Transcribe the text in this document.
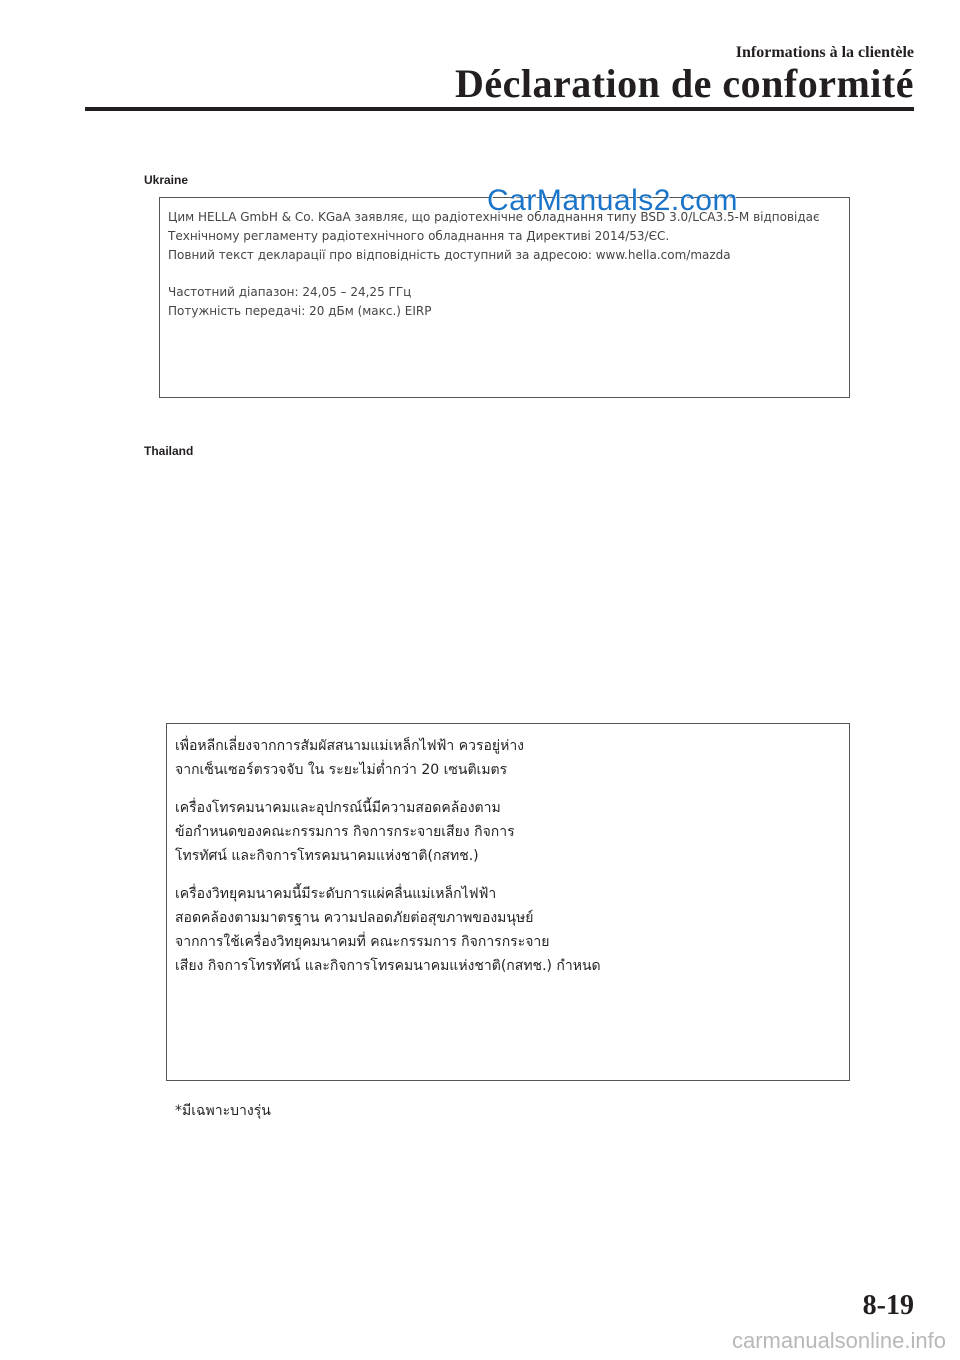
Informations à la clientèle
Déclaration de conformité
Ukraine

Цим HELLA GmbH & Co. KGaA заявляє, що радіотехнічне обладнання типу BSD 3.0/LCA3.5-M відповідає

Технічному регламенту радіотехнічного обладнання та Директиві 2014/53/ЄС.

Повний текст декларації про відповідність доступний за адресою: www.hella.com/mazda

Частотний діапазон: 24,05 – 24,25 ГГц

Потужність передачі: 20 дБм (макс.) EIRP

CarManuals2.com
Thailand

เพื่อหลีกเลี่ยงจากการสัมผัสสนามแม่เหล็กไฟฟ้า ควรอยู่ห่าง

จากเซ็นเซอร์ตรวจจับ ใน ระยะไม่ต่ำกว่า 20 เซนติเมตร

เครื่องโทรคมนาคมและอุปกรณ์นี้มีความสอดคล้องตาม

ข้อกำหนดของคณะกรรมการ กิจการกระจายเสียง กิจการ

โทรทัศน์ และกิจการโทรคมนาคมแห่งชาติ(กสทช.)

เครื่องวิทยุคมนาคมนี้มีระดับการแผ่คลื่นแม่เหล็กไฟฟ้า

สอดคล้องตามมาตรฐาน ความปลอดภัยต่อสุขภาพของมนุษย์

จากการใช้เครื่องวิทยุคมนาคมที่ คณะกรรมการ กิจการกระจาย

เสียง กิจการโทรทัศน์ และกิจการโทรคมนาคมแห่งชาติ(กสทช.) กำหนด

*มีเฉพาะบางรุ่น
8-19
carmanualsonline.info
